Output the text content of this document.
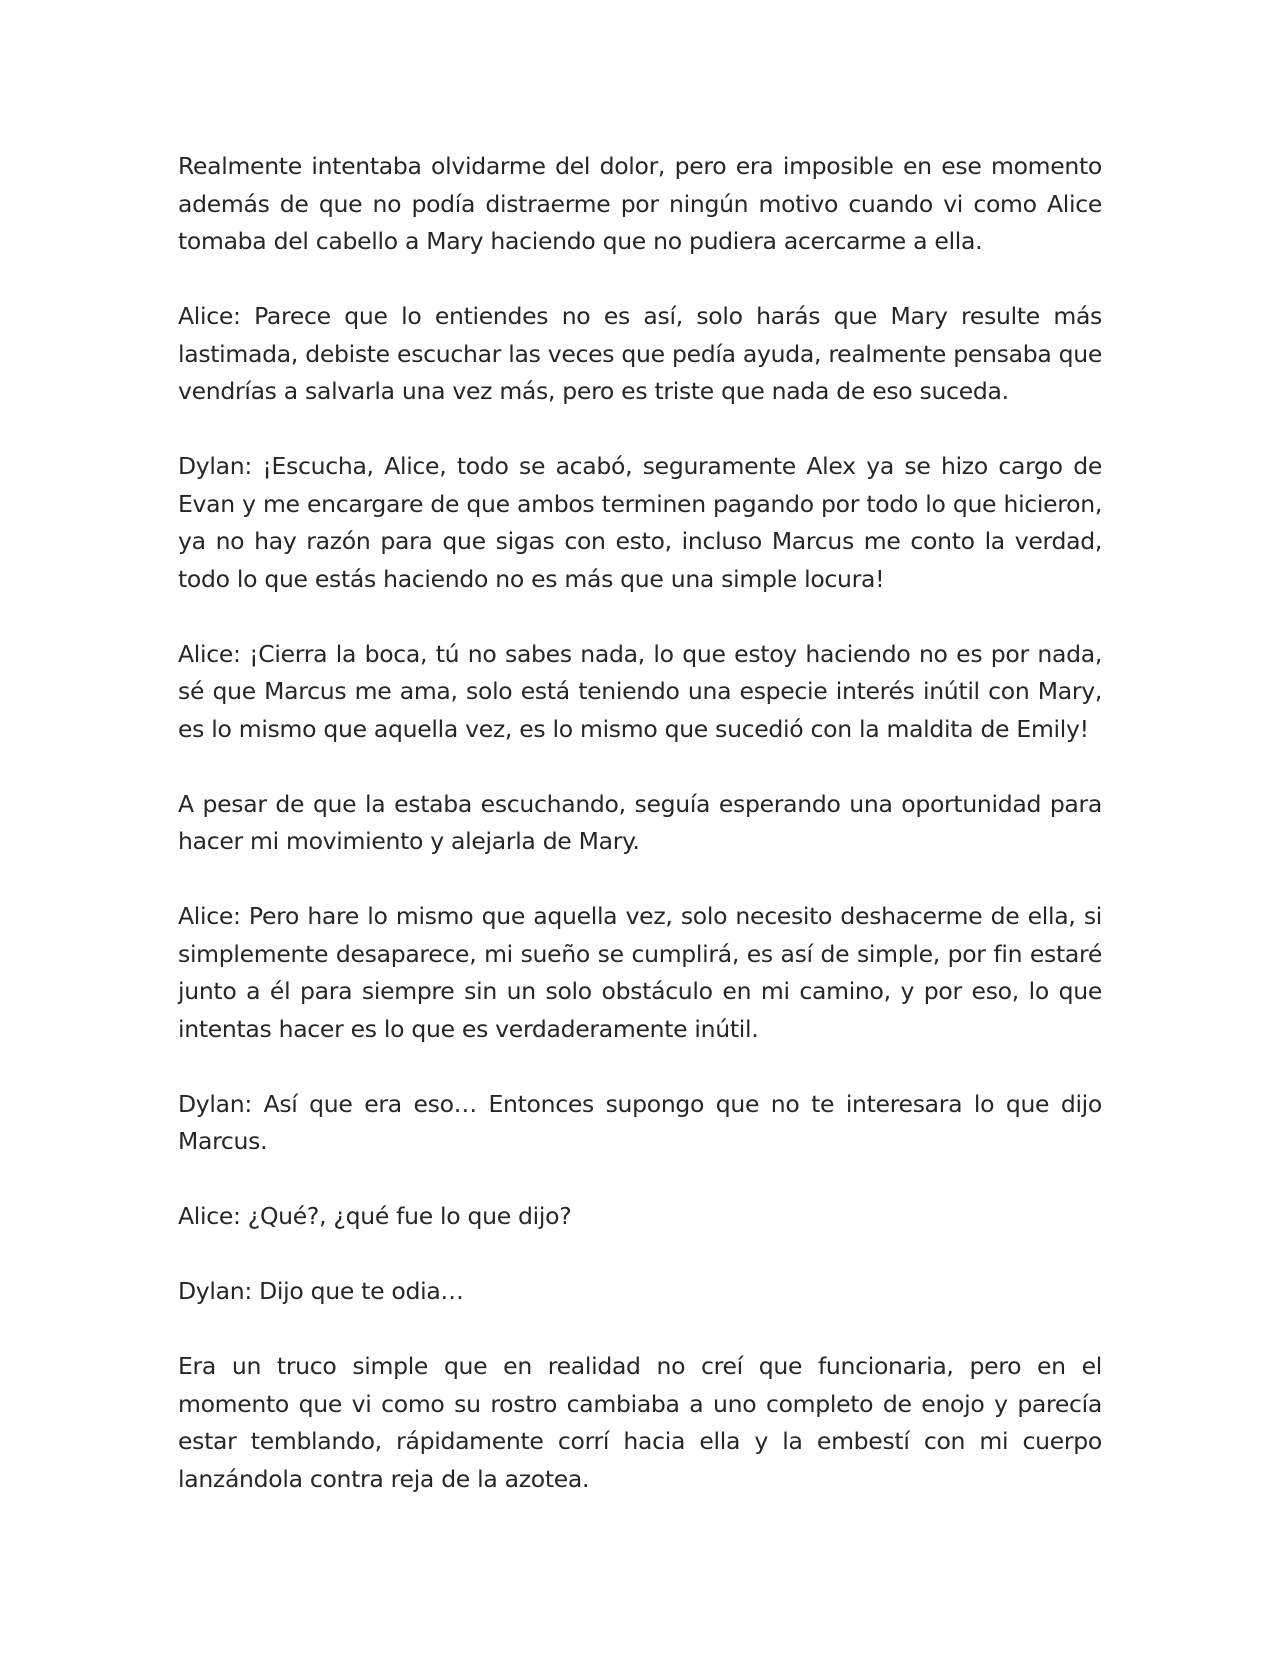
Realmente intentaba olvidarme del dolor, pero era imposible en ese momento además de que no podía distraerme por ningún motivo cuando vi como Alice tomaba del cabello a Mary haciendo que no pudiera acercarme a ella.

Alice: Parece que lo entiendes no es así, solo harás que Mary resulte más lastimada, debiste escuchar las veces que pedía ayuda, realmente pensaba que vendrías a salvarla una vez más, pero es triste que nada de eso suceda.

Dylan: ¡Escucha, Alice, todo se acabó, seguramente Alex ya se hizo cargo de Evan y me encargare de que ambos terminen pagando por todo lo que hicieron, ya no hay razón para que sigas con esto, incluso Marcus me conto la verdad, todo lo que estás haciendo no es más que una simple locura!

Alice: ¡Cierra la boca, tú no sabes nada, lo que estoy haciendo no es por nada, sé que Marcus me ama, solo está teniendo una especie interés inútil con Mary, es lo mismo que aquella vez, es lo mismo que sucedió con la maldita de Emily!

A pesar de que la estaba escuchando, seguía esperando una oportunidad para hacer mi movimiento y alejarla de Mary.

Alice: Pero hare lo mismo que aquella vez, solo necesito deshacerme de ella, si simplemente desaparece, mi sueño se cumplirá, es así de simple, por fin estaré junto a él para siempre sin un solo obstáculo en mi camino, y por eso, lo que intentas hacer es lo que es verdaderamente inútil.

Dylan: Así que era eso… Entonces supongo que no te interesara lo que dijo Marcus.

Alice: ¿Qué?, ¿qué fue lo que dijo?

Dylan: Dijo que te odia…

Era un truco simple que en realidad no creí que funcionaria, pero en el momento que vi como su rostro cambiaba a uno completo de enojo y parecía estar temblando, rápidamente corrí hacia ella y la embestí con mi cuerpo lanzándola contra reja de la azotea.
